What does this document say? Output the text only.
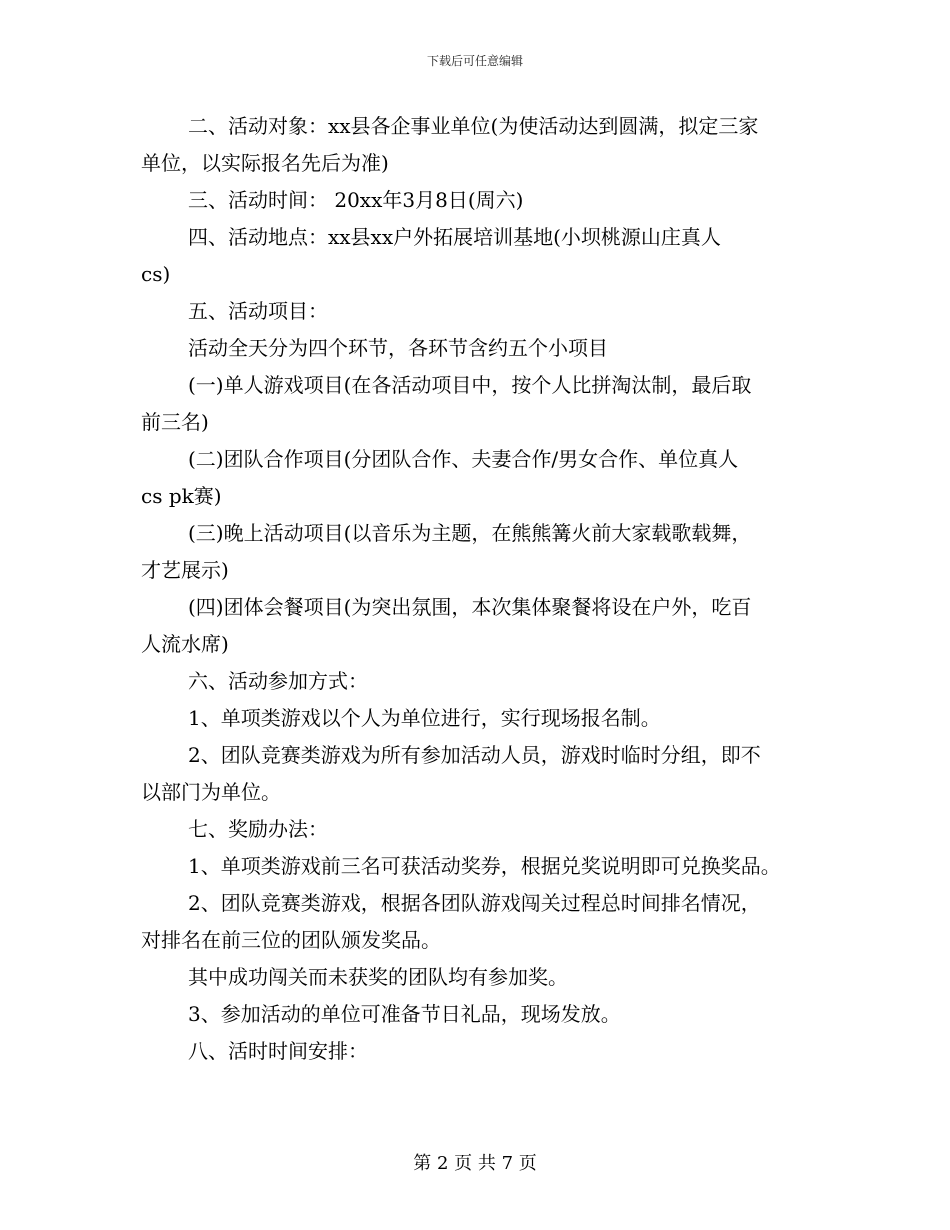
下载后可任意编辑
二、活动对象：xx县各企事业单位(为使活动达到圆满，拟定三家
单位，以实际报名先后为准)
三、活动时间： 20xx年3月8日(周六)
四、活动地点：xx县xx户外拓展培训基地(小坝桃源山庄真人
cs)
五、活动项目：
活动全天分为四个环节，各环节含约五个小项目
(一)单人游戏项目(在各活动项目中，按个人比拼淘汰制，最后取
前三名)
(二)团队合作项目(分团队合作、夫妻合作/男女合作、单位真人
cs pk赛)
(三)晚上活动项目(以音乐为主题，在熊熊篝火前大家载歌载舞，
才艺展示)
(四)团体会餐项目(为突出氛围，本次集体聚餐将设在户外，吃百
人流水席)
六、活动参加方式：
1、单项类游戏以个人为单位进行，实行现场报名制。
2、团队竞赛类游戏为所有参加活动人员，游戏时临时分组，即不
以部门为单位。
七、奖励办法：
1、单项类游戏前三名可获活动奖券，根据兑奖说明即可兑换奖品。
2、团队竞赛类游戏，根据各团队游戏闯关过程总时间排名情况，
对排名在前三位的团队颁发奖品。
其中成功闯关而未获奖的团队均有参加奖。
3、参加活动的单位可准备节日礼品，现场发放。
八、活时时间安排：
第 2 页 共 7 页
